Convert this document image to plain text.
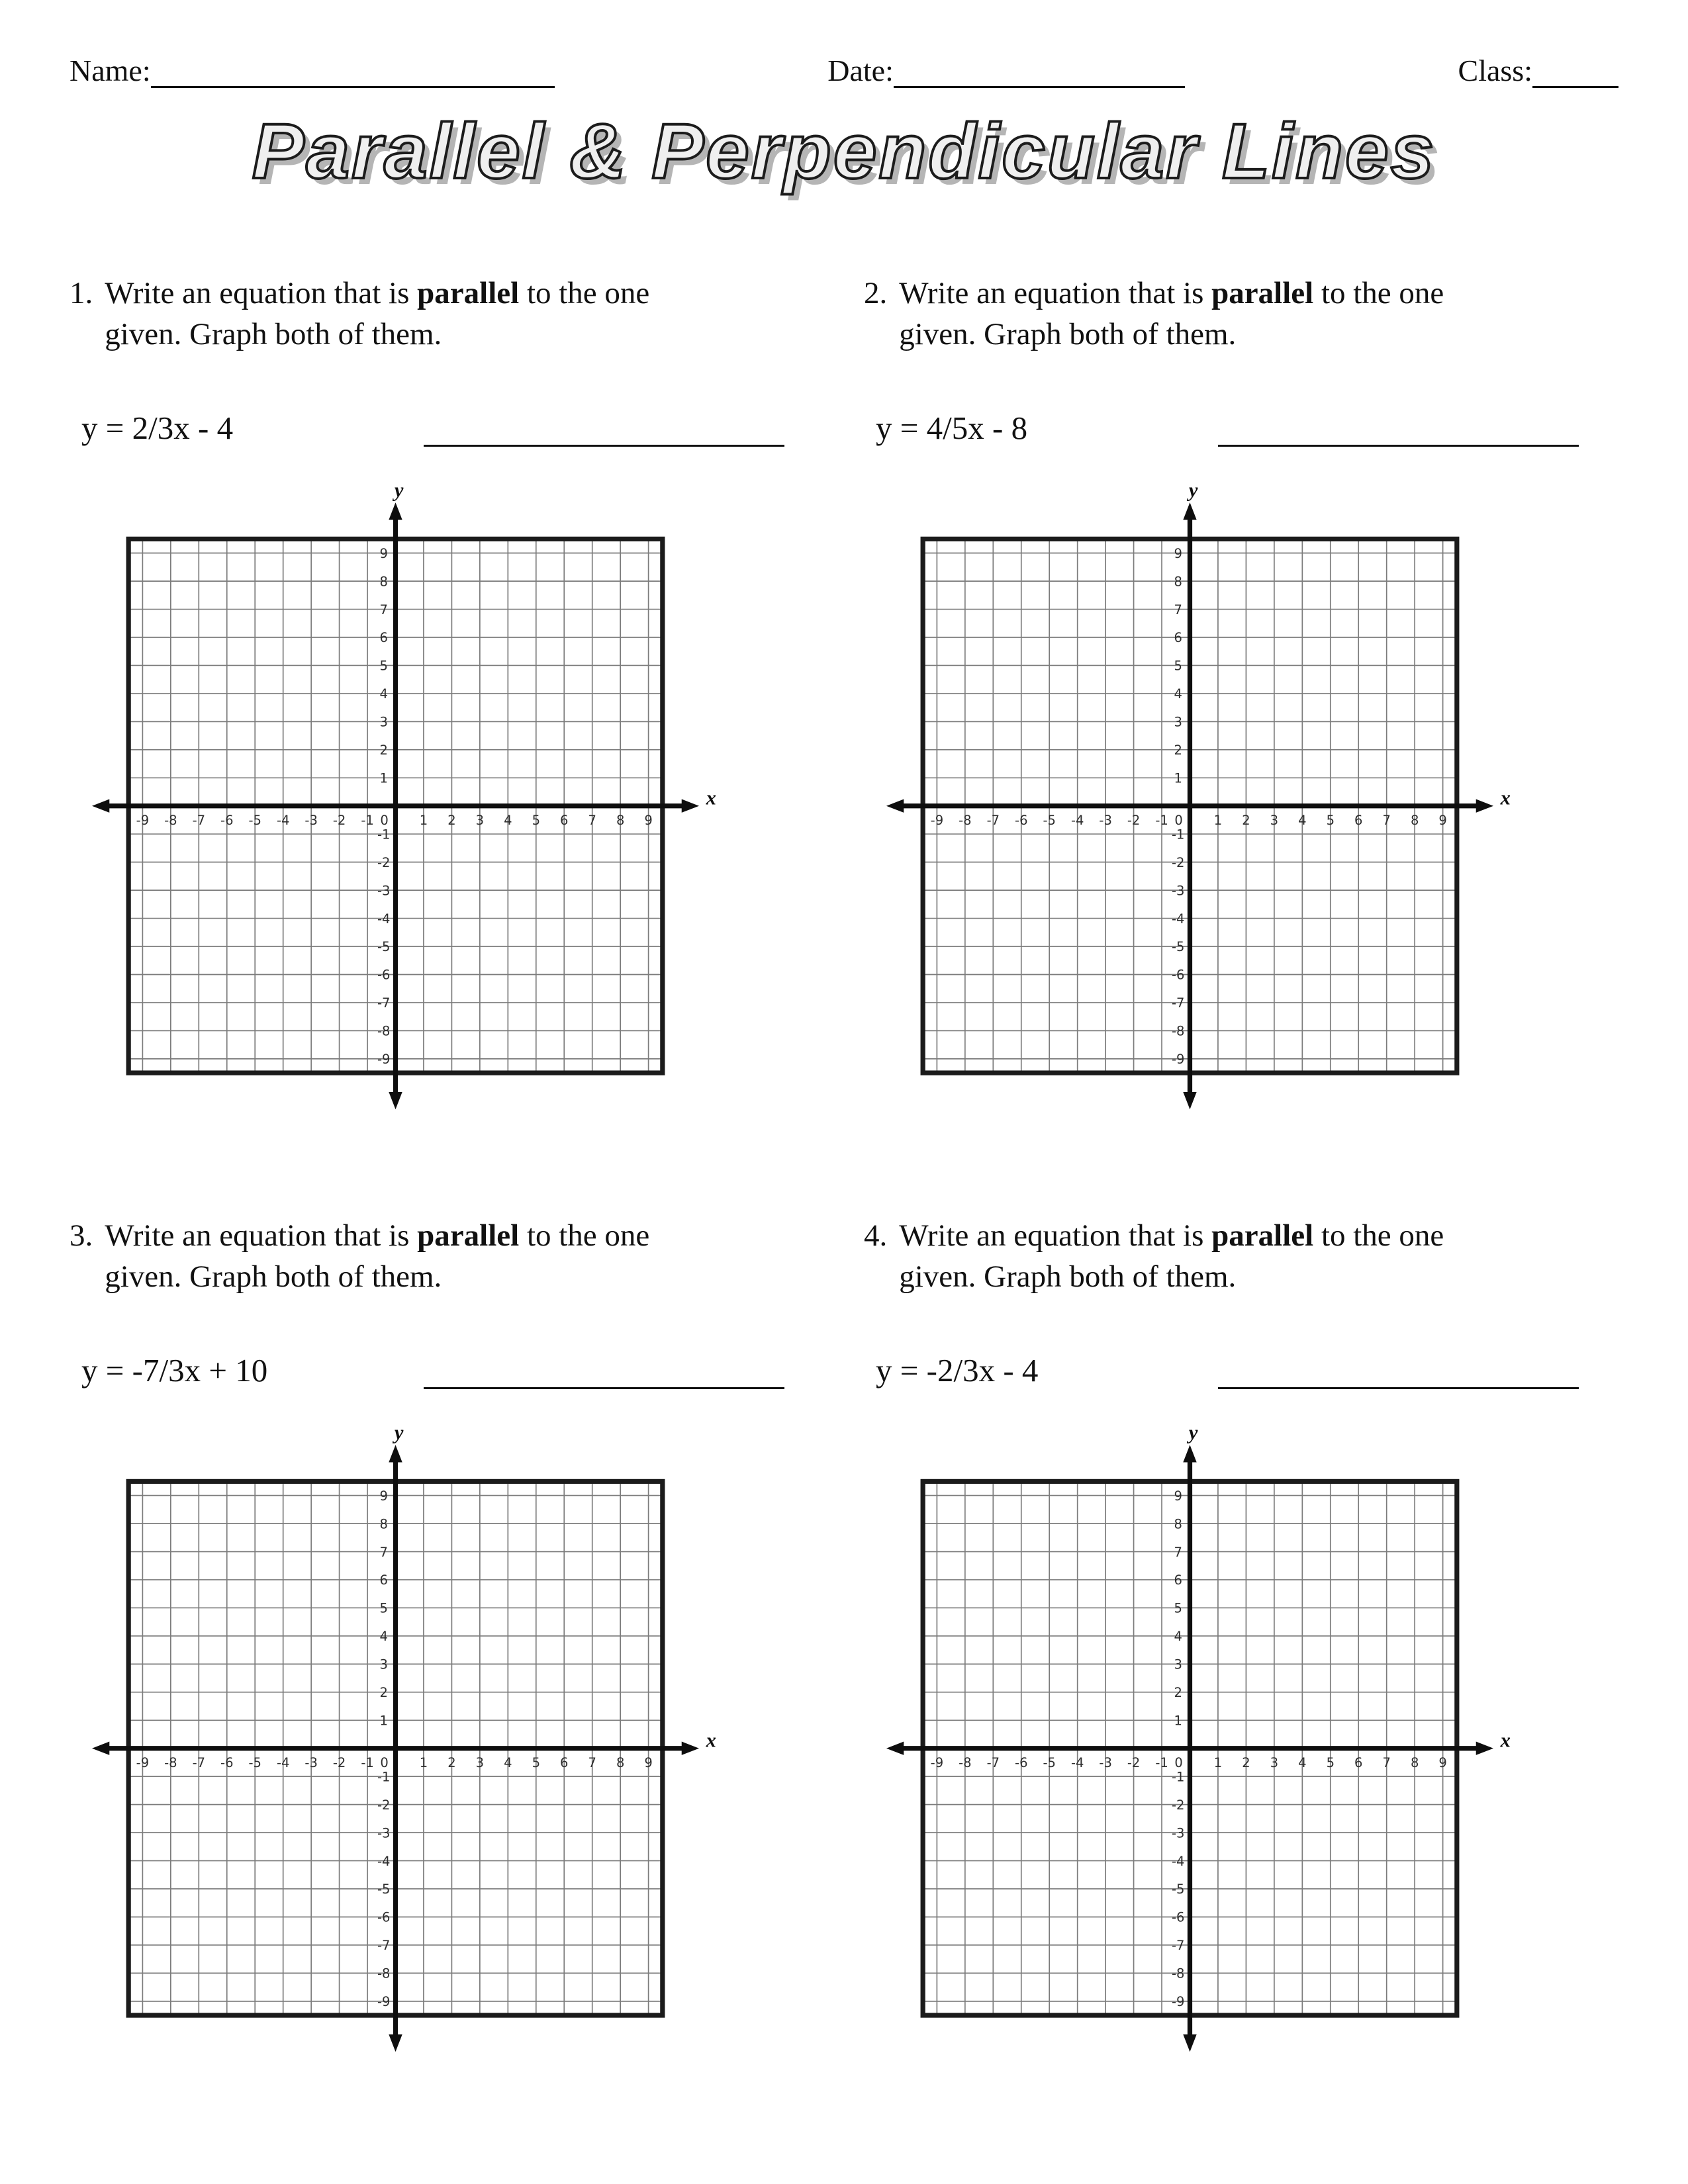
Name:	Date:	Class:
Parallel & Perpendicular Lines

1. Write an equation that is parallel to the one given. Graph both of them.

y = 2/3x - 4

2. Write an equation that is parallel to the one given. Graph both of them.

y = 4/5x - 8

3. Write an equation that is parallel to the one given. Graph both of them.

y = -7/3x + 10

4. Write an equation that is parallel to the one given. Graph both of them.

y = -2/3x - 4
